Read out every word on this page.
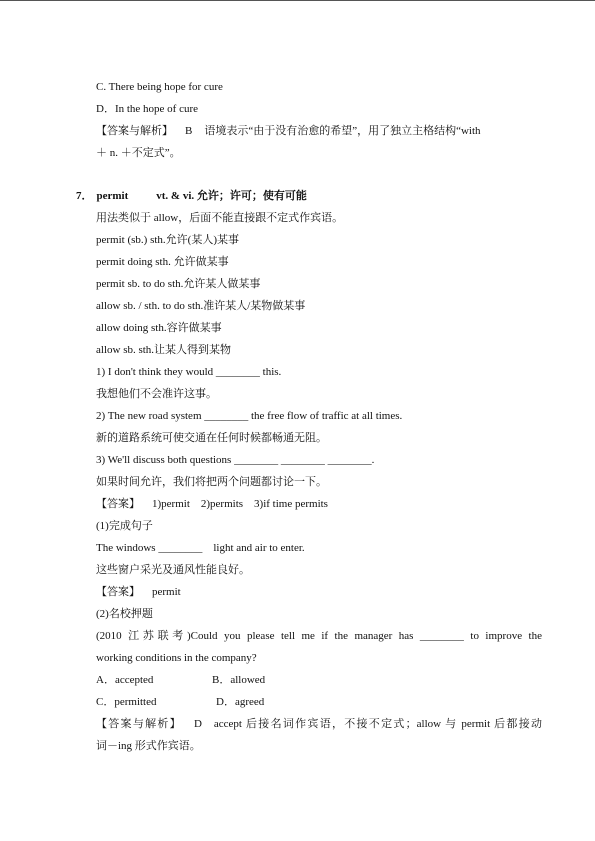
C. There being hope for cure
D．In the hope of cure
【答案与解析】 B 语境表示“由于没有治愈的希望”，用了独立主格结构“with
＋ n. ＋不定式”。
7． permit	vt. & vi. 允许；许可；使有可能
用法类似于 allow，后面不能直接跟不定式作宾语。
permit (sb.) sth.允许(某人)某事
permit doing sth. 允许做某事
permit sb. to do sth.允许某人做某事
allow sb. / sth. to do sth.准许某人/某物做某事
allow doing sth.容许做某事
allow sb. sth.让某人得到某物
1) I don't think they would ________ this.
我想他们不会准许这事。
2) The new road system ________ the free flow of traffic at all times.
新的道路系统可使交通在任何时候都畅通无阻。
3) We'll discuss both questions ________ ________ ________.
如果时间允许，我们将把两个问题都讨论一下。
【答案】 1)permit    2)permits    3)if time permits
(1)完成句子
The windows ________    light and air to enter.
这些窗户采光及通风性能良好。
【答案】 permit
(2)名校押题
(2010 江苏联考)Could you please tell me if the manager has ________ to improve the
working conditions in the company?
A．accepted	B．allowed
C．permitted	D．agreed
【答案与解析】 D accept 后接名词作宾语，不接不定式；allow 与 permit 后都接动
词－ing 形式作宾语。
